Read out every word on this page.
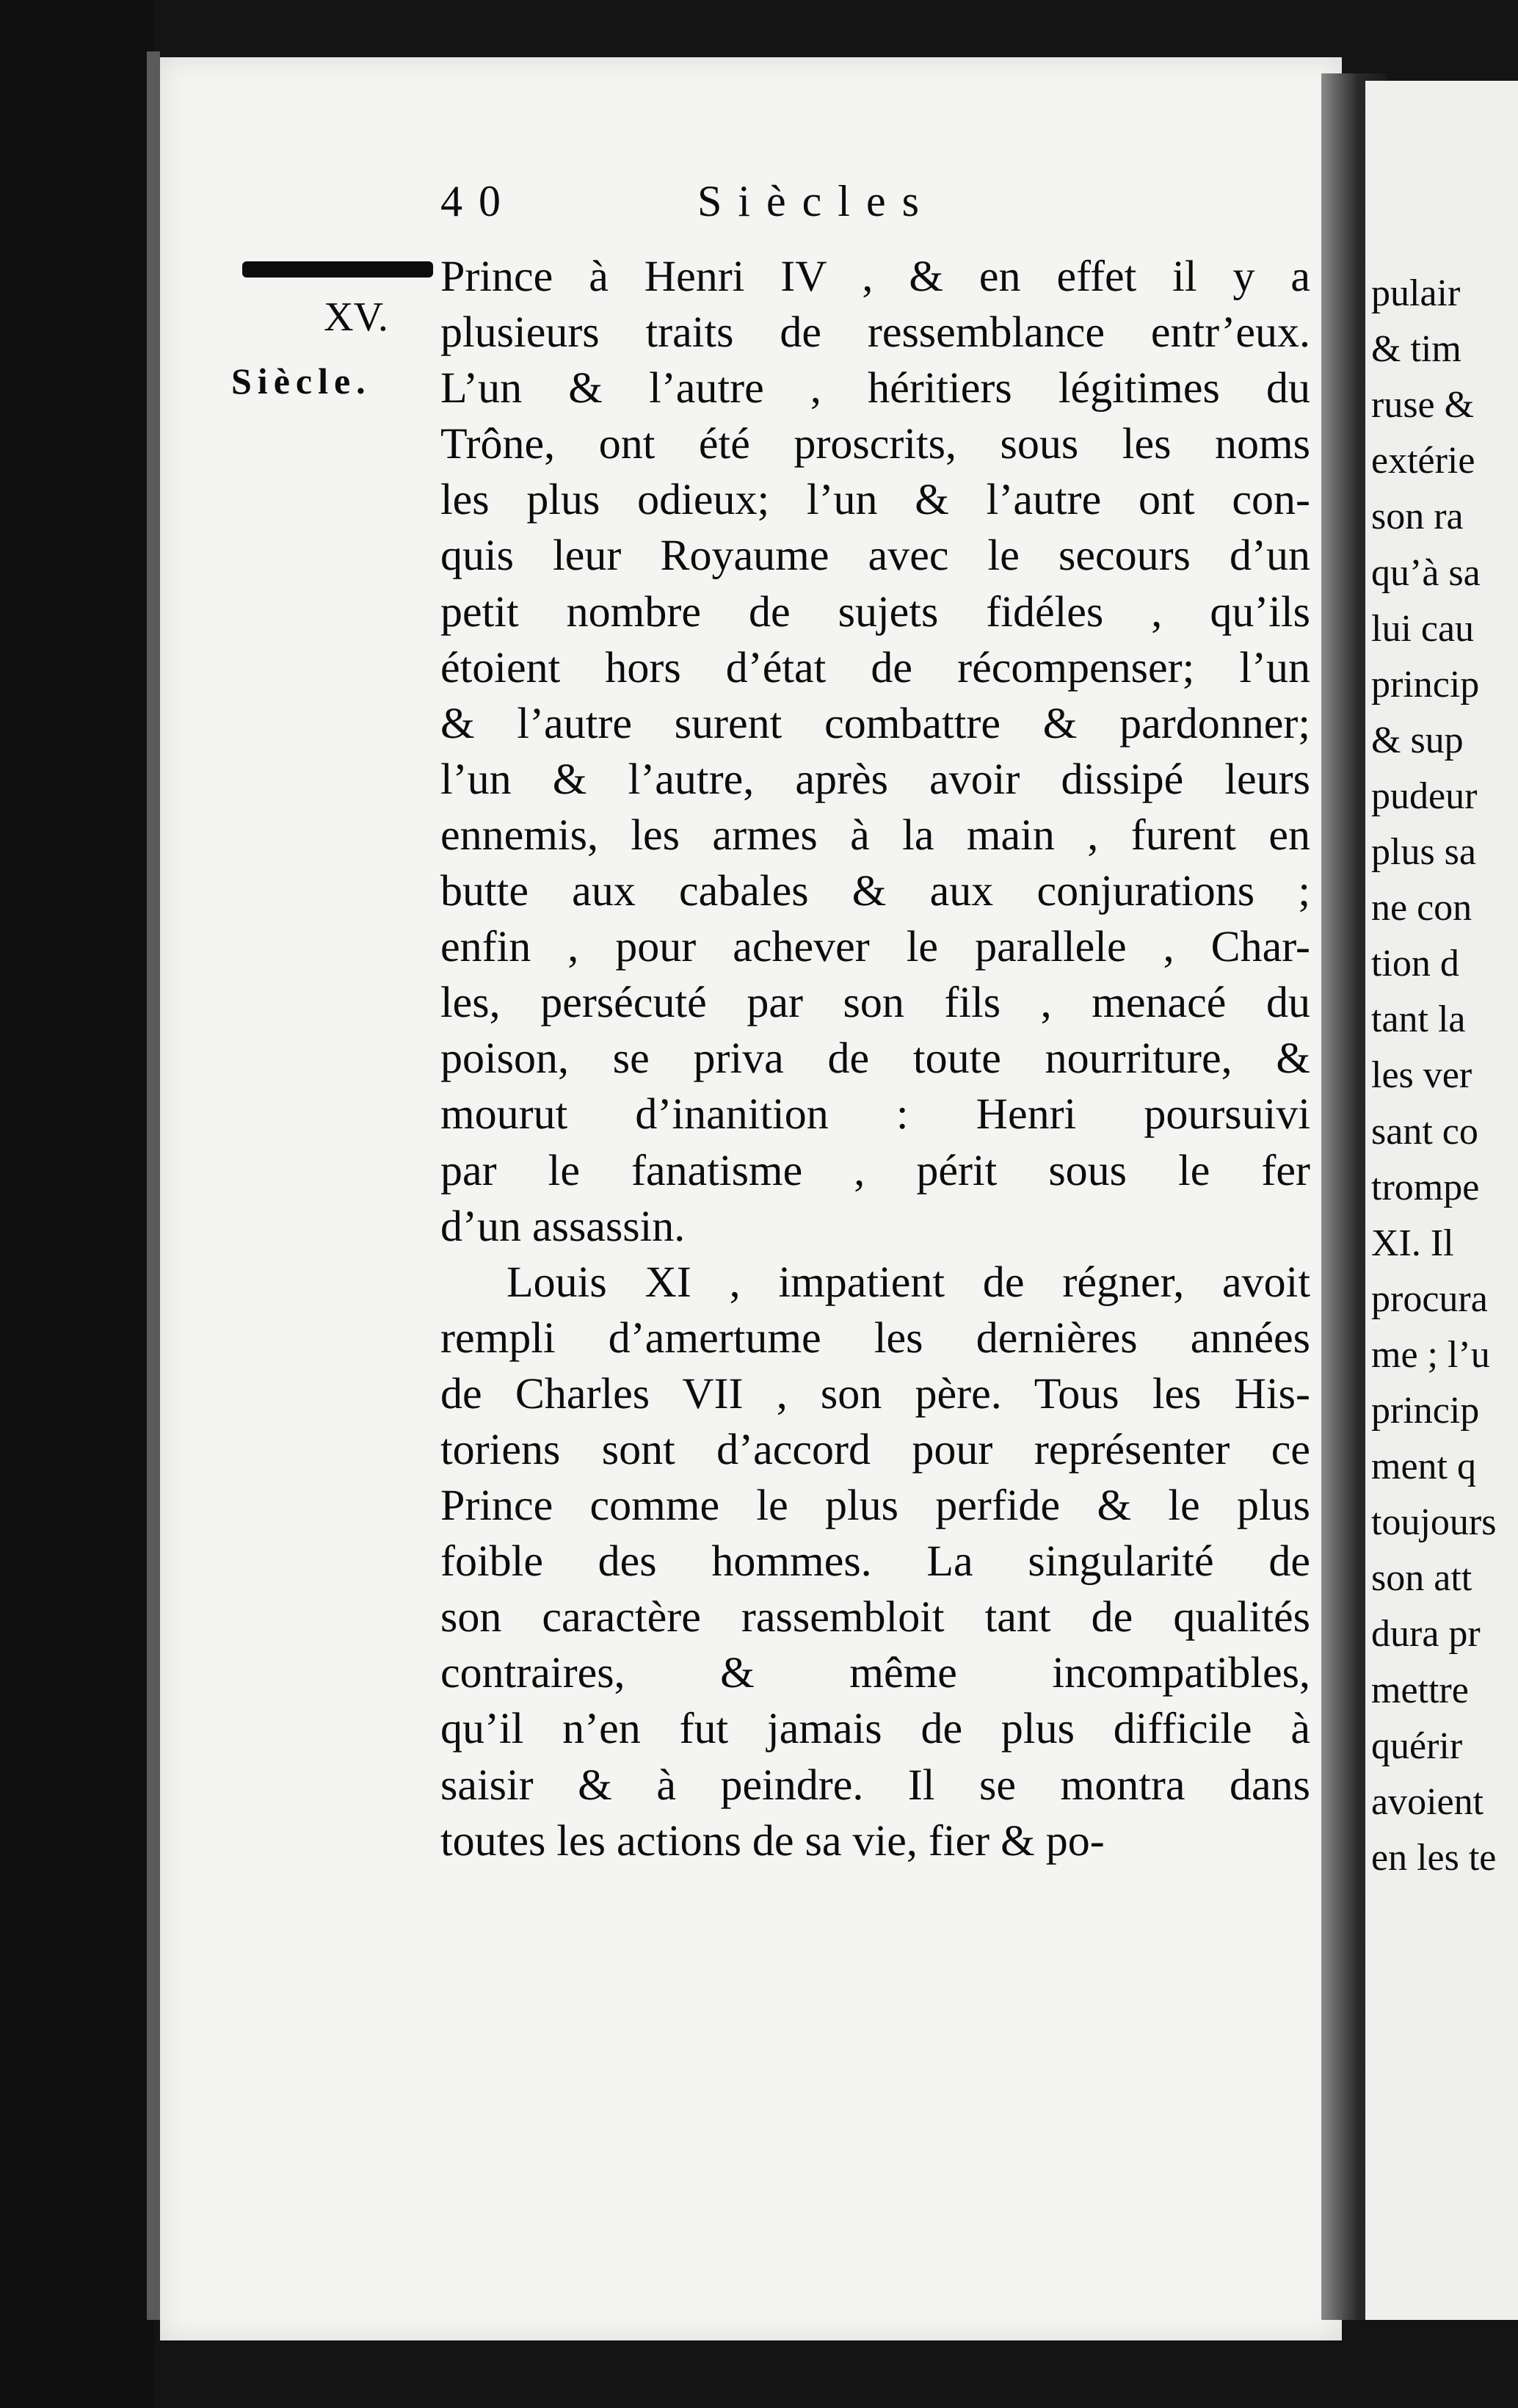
pulair
& tim
ruse &
extérie
son ra
qu’à sa
lui cau
princip
& sup
pudeur
plus sa
ne con
tion d
tant la
les ver
sant co
trompe
XI. Il
procura
me ; l’u
princip
ment q
toujours
son att
dura pr
mettre
quérir
avoient
en les te
40	Siècles
XV.
Siècle.
Prince à Henri IV , & en effet il y a
plusieurs traits de ressemblance entr’eux.
L’un & l’autre , héritiers légitimes du
Trône, ont été proscrits, sous les noms
les plus odieux; l’un & l’autre ont con-
quis leur Royaume avec le secours d’un
petit nombre de sujets fidéles , qu’ils
étoient hors d’état de récompenser; l’un
& l’autre surent combattre & pardonner;
l’un & l’autre, après avoir dissipé leurs
ennemis, les armes à la main , furent en
butte aux cabales & aux conjurations ;
enfin , pour achever le parallele , Char-
les, persécuté par son fils , menacé du
poison, se priva de toute nourriture, &
mourut d’inanition : Henri poursuivi
par le fanatisme , périt sous le fer
d’un assassin.
Louis XI , impatient de régner, avoit
rempli d’amertume les dernières années
de Charles VII , son père. Tous les His-
toriens sont d’accord pour représenter ce
Prince comme le plus perfide & le plus
foible des hommes. La singularité de
son caractère rassembloit tant de qualités
contraires, & même incompatibles,
qu’il n’en fut jamais de plus difficile à
saisir & à peindre. Il se montra dans
toutes les actions de sa vie, fier & po-
